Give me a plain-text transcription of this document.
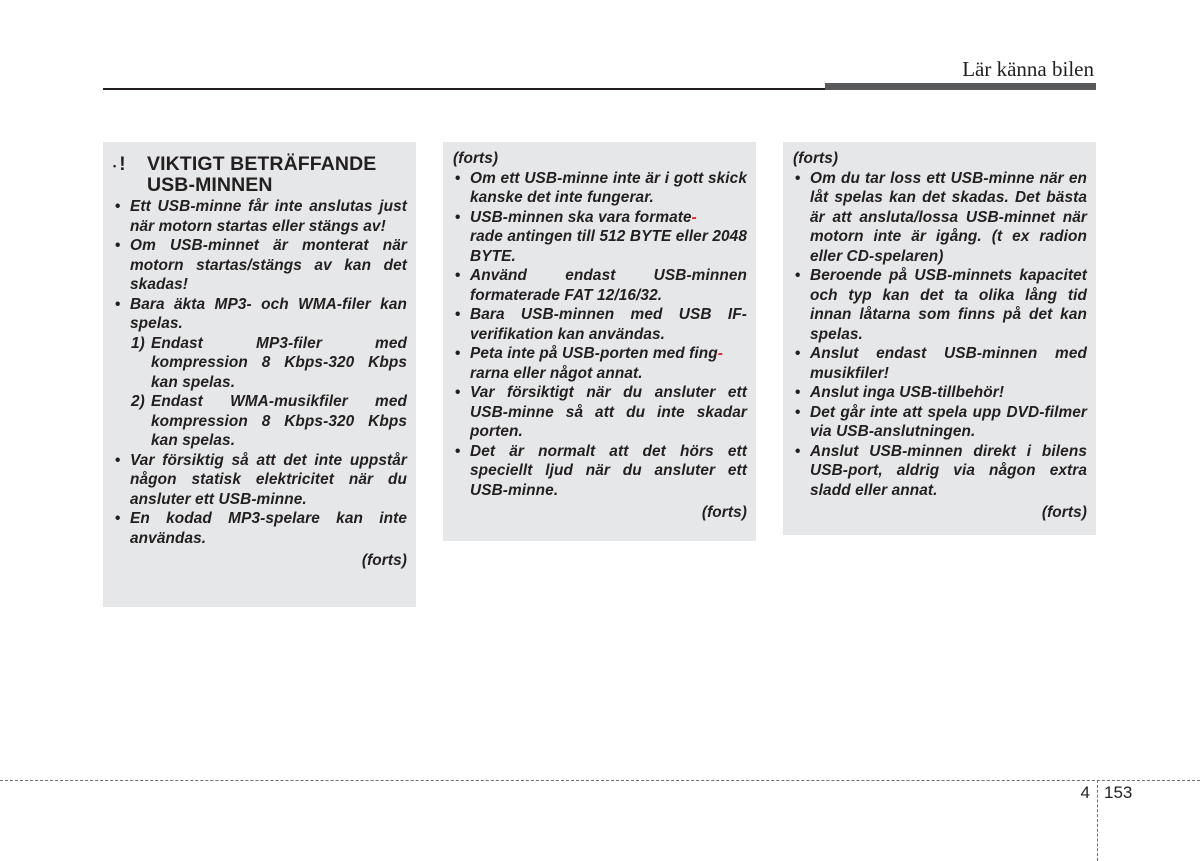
Lär känna bilen
• !	VIKTIGT BETRÄFFANDE
USB-MINNEN
• Ett USB-minne får inte anslutas just när motorn startas eller stängs av!
• Om USB-minnet är monterat när motorn startas/stängs av kan det skadas!
• Bara äkta MP3- och WMA-filer kan spelas.
1) Endast MP3-filer med kompression 8 Kbps-320 Kbps kan spelas.
2) Endast WMA-musikfiler med kompression 8 Kbps-320 Kbps kan spelas.
• Var försiktig så att det inte uppstår någon statisk elektricitet när du ansluter ett USB-minne.
• En kodad MP3-spelare kan inte användas.
(forts)
(forts)
• Om ett USB-minne inte är i gott skick kanske det inte fungerar.
• USB-minnen ska vara formate-
rade antingen till 512 BYTE eller 2048 BYTE.
• Använd endast USB-minnen formaterade FAT 12/16/32.
• Bara USB-minnen med USB IF-verifikation kan användas.
• Peta inte på USB-porten med fing-
rarna eller något annat.
• Var försiktigt när du ansluter ett USB-minne så att du inte skadar porten.
• Det är normalt att det hörs ett speciellt ljud när du ansluter ett USB-minne.
(forts)
(forts)
• Om du tar loss ett USB-minne när en låt spelas kan det skadas. Det bästa är att ansluta/lossa USB-minnet när motorn inte är igång. (t ex radion eller CD-spelaren)
• Beroende på USB-minnets kapacitet och typ kan det ta olika lång tid innan låtarna som finns på det kan spelas.
• Anslut endast USB-minnen med musikfiler!
• Anslut inga USB-tillbehör!
• Det går inte att spela upp DVD-filmer via USB-anslutningen.
• Anslut USB-minnen direkt i bilens USB-port, aldrig via någon extra sladd eller annat.
(forts)
4 153
